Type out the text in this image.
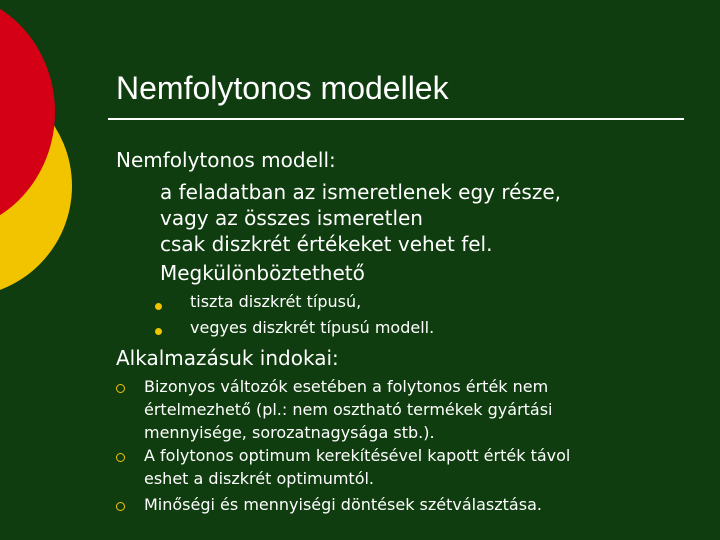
Nemfolytonos modellek
Nemfolytonos modell:
a feladatban az ismeretlenek egy része,
vagy az összes ismeretlen
csak diszkrét értékeket vehet fel.
Megkülönböztethető
tiszta diszkrét típusú,
vegyes diszkrét típusú modell.
Alkalmazásuk indokai:
Bizonyos változók esetében a folytonos érték nem
értelmezhető (pl.: nem osztható termékek gyártási
mennyisége, sorozatnagysága stb.).
A folytonos optimum kerekítésével kapott érték távol
eshet a diszkrét optimumtól.
Minőségi és mennyiségi döntések szétválasztása.
